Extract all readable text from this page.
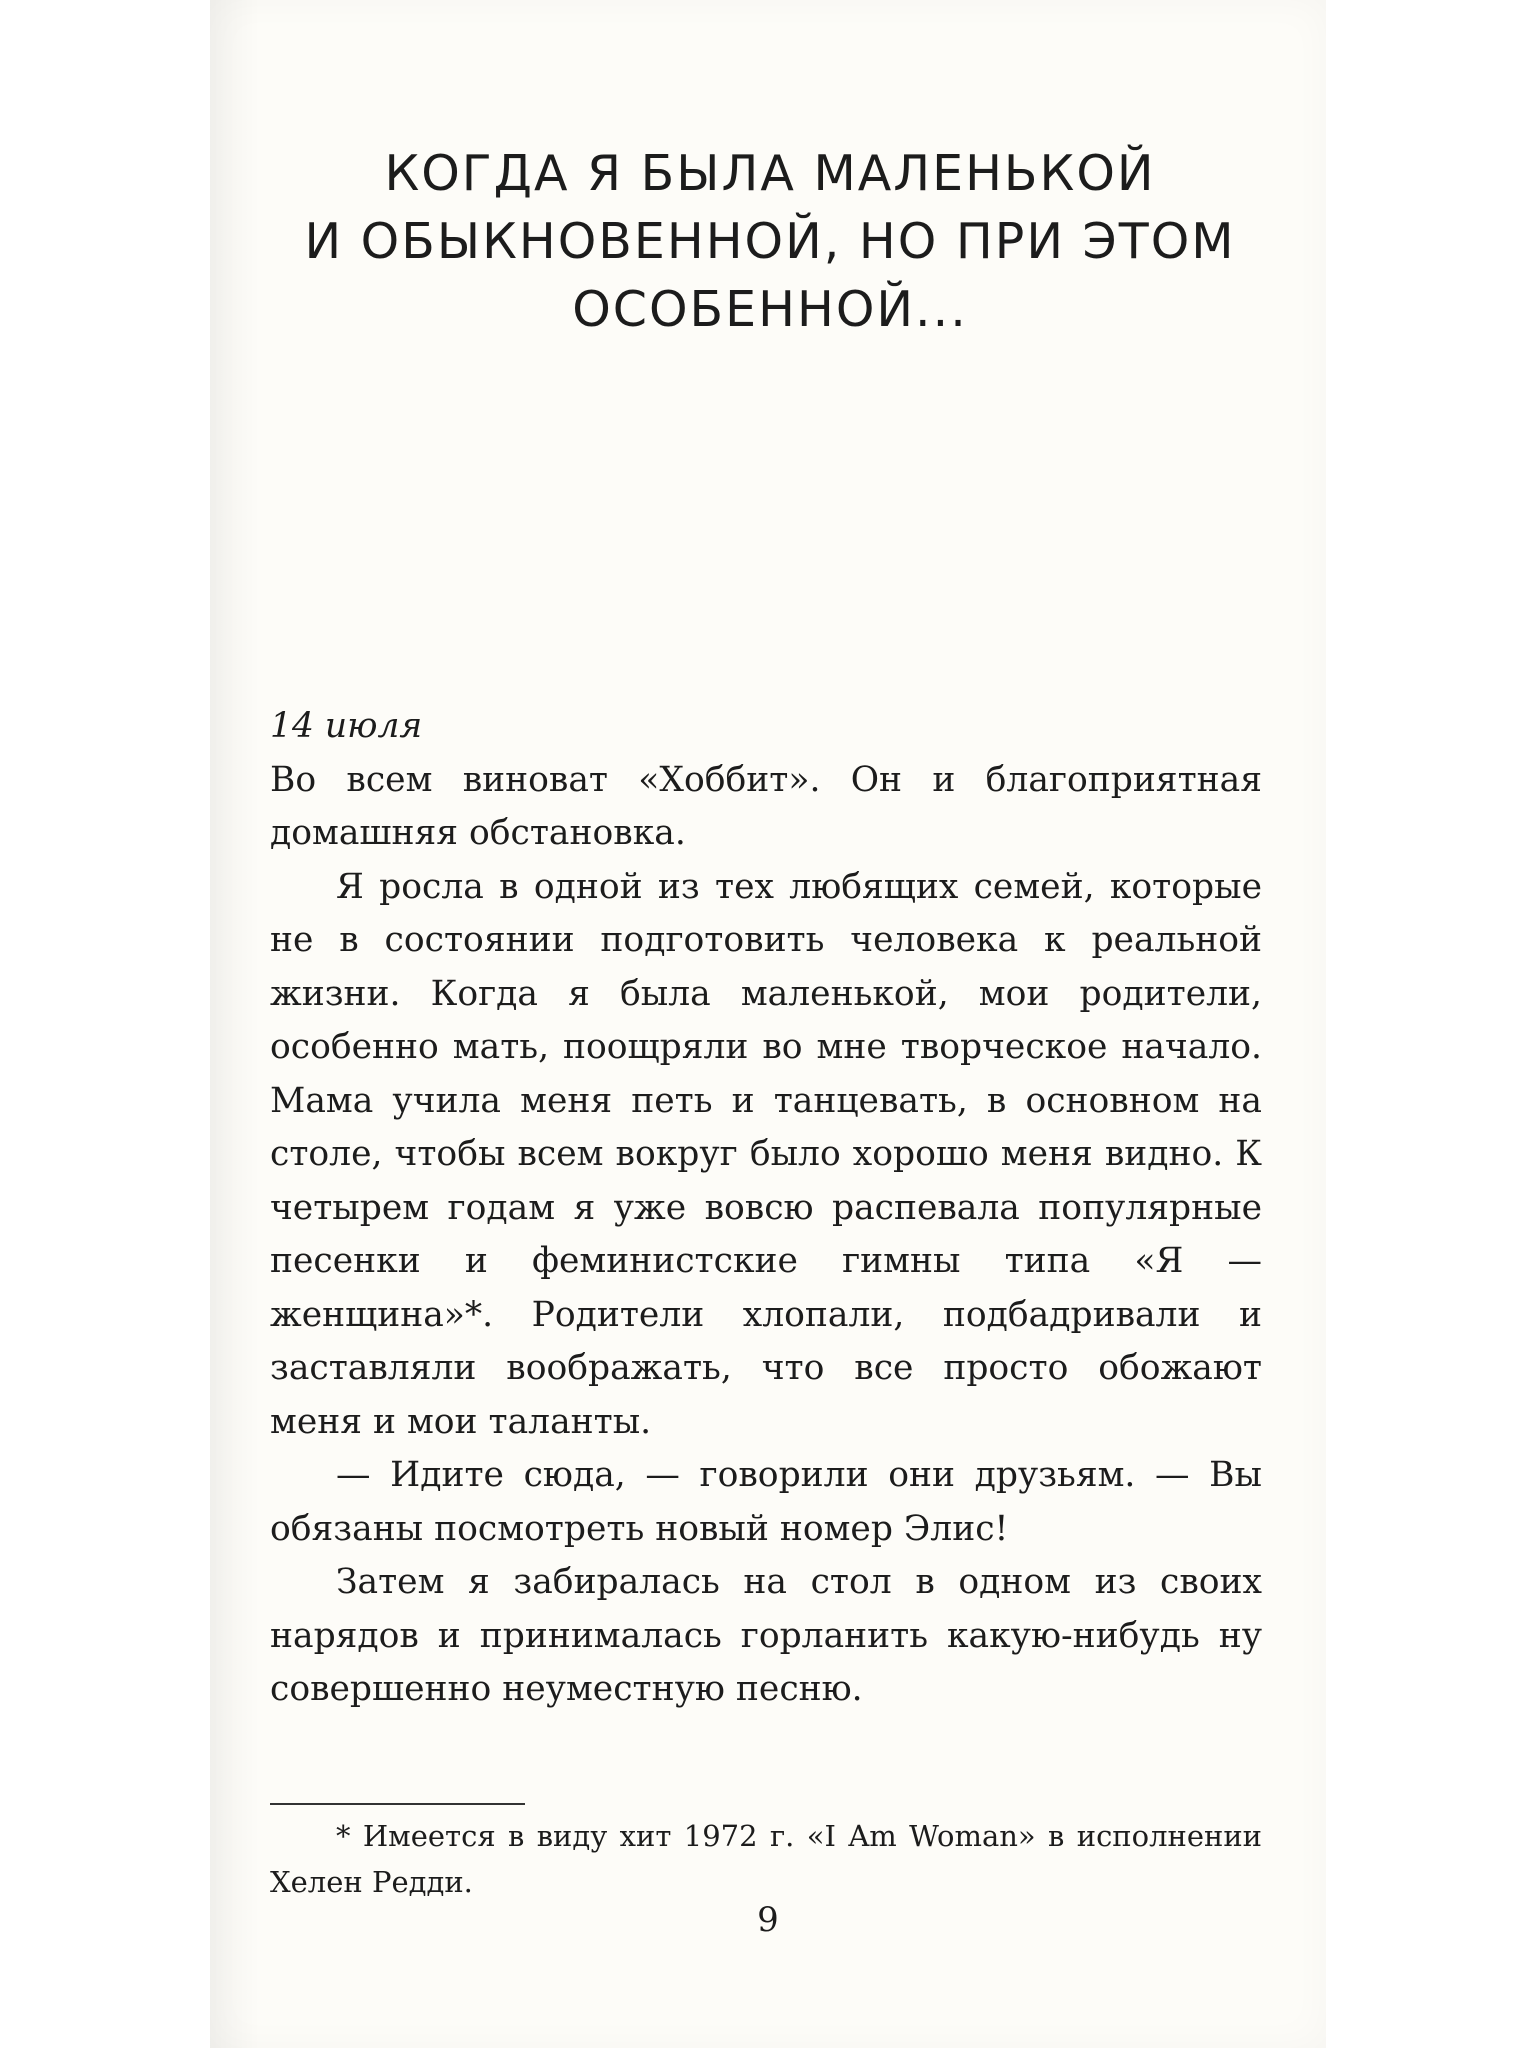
КОГДА Я БЫЛА МАЛЕНЬКОЙ
И ОБЫКНОВЕННОЙ, НО ПРИ ЭТОМ
ОСОБЕННОЙ...

14 июля

Во всем виноват «Хоббит». Он и благоприятная домашняя обстановка.

Я росла в одной из тех любящих семей, которые не в состоянии подготовить человека к реальной жизни. Когда я была маленькой, мои родители, особенно мать, поощряли во мне творческое начало. Мама учила меня петь и танцевать, в основном на столе, чтобы всем вокруг было хорошо меня видно. К четырем годам я уже вовсю распевала популярные песенки и феминистские гимны типа «Я — женщина»*. Родители хлопали, подбадривали и заставляли воображать, что все просто обожают меня и мои таланты.

— Идите сюда, — говорили они друзьям. — Вы обязаны посмотреть новый номер Элис!

Затем я забиралась на стол в одном из своих нарядов и принималась горланить какую-нибудь ну совершенно неуместную песню.

* Имеется в виду хит 1972 г. «I Am Woman» в исполнении Хелен Редди.

9
